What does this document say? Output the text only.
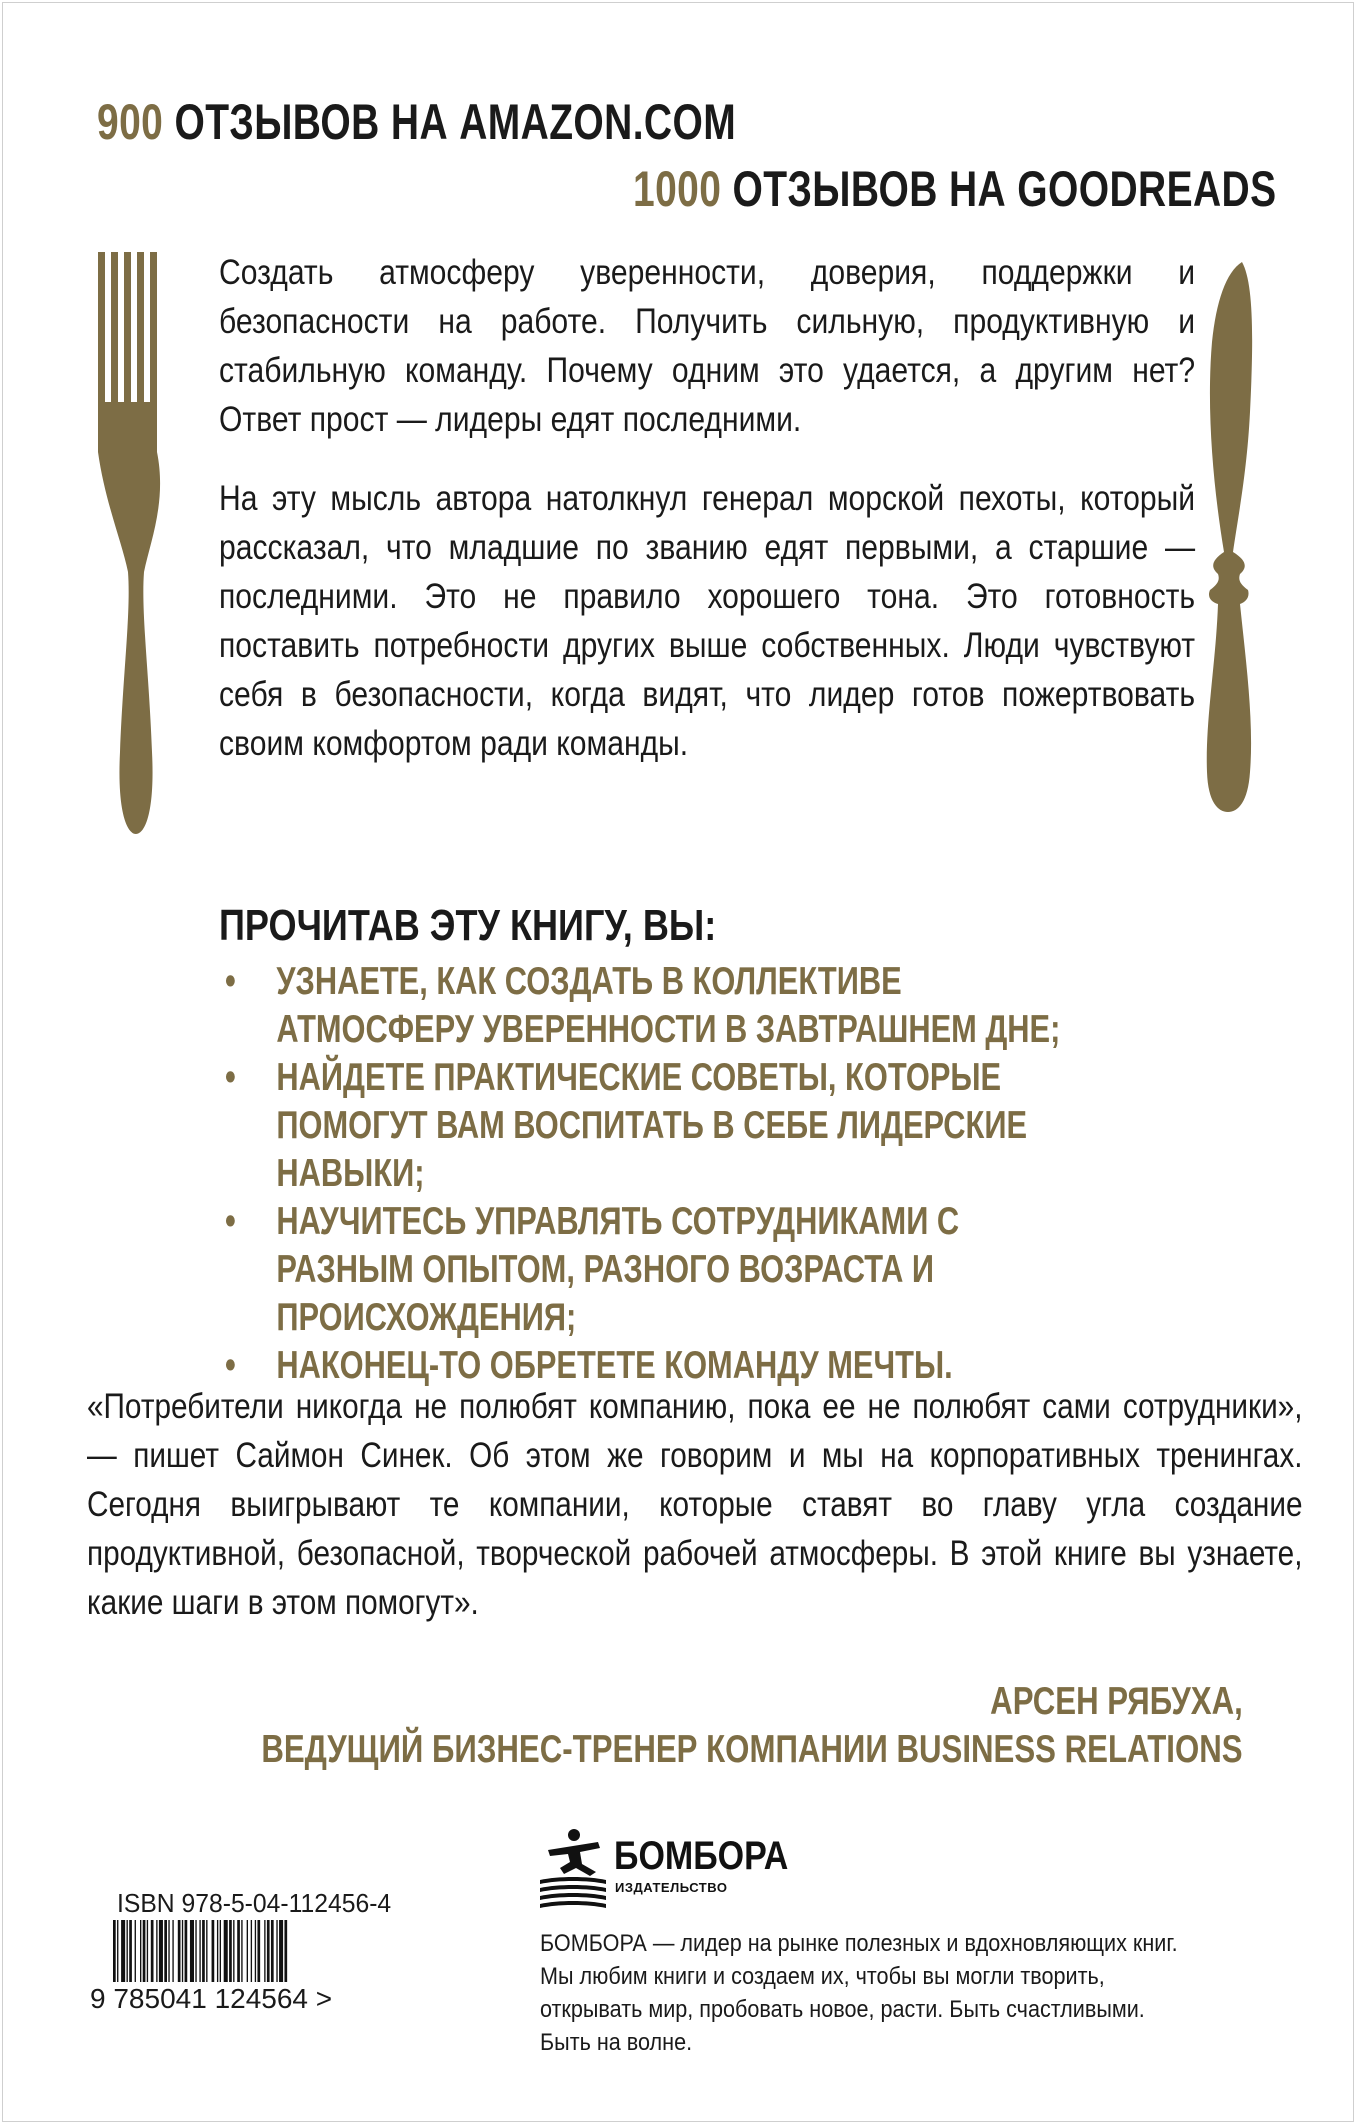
900 ОТЗЫВОВ НА AMAZON.COM
1000 ОТЗЫВОВ НА GOODREADS

Создать атмосферу уверенности, доверия, поддержки и безопасности на работе. Получить сильную, продуктивную и стабильную команду. Почему одним это удается, а другим нет? Ответ прост — лидеры едят последними.

На эту мысль автора натолкнул генерал морской пехоты, который рассказал, что младшие по званию едят первыми, а старшие — последними. Это не правило хорошего тона. Это готовность поставить потребности других выше собственных. Люди чувствуют себя в безопасности, когда видят, что лидер готов пожертвовать своим комфортом ради команды.

ПРОЧИТАВ ЭТУ КНИГУ, ВЫ:
• УЗНАЕТЕ, КАК СОЗДАТЬ В КОЛЛЕКТИВЕ АТМОСФЕРУ УВЕРЕННОСТИ В ЗАВТРАШНЕМ ДНЕ;
• НАЙДЕТЕ ПРАКТИЧЕСКИЕ СОВЕТЫ, КОТОРЫЕ ПОМОГУТ ВАМ ВОСПИТАТЬ В СЕБЕ ЛИДЕРСКИЕ НАВЫКИ;
• НАУЧИТЕСЬ УПРАВЛЯТЬ СОТРУДНИКАМИ С РАЗНЫМ ОПЫТОМ, РАЗНОГО ВОЗРАСТА И ПРОИСХОЖДЕНИЯ;
• НАКОНЕЦ-ТО ОБРЕТЕТЕ КОМАНДУ МЕЧТЫ.

«Потребители никогда не полюбят компанию, пока ее не полюбят сами сотрудники», — пишет Саймон Синек. Об этом же говорим и мы на корпоративных тренингах. Сегодня выигрывают те компании, которые ставят во главу угла создание продуктивной, безопасной, творческой рабочей атмосферы. В этой книге вы узнаете, какие шаги в этом помогут».

АРСЕН РЯБУХА,
ВЕДУЩИЙ БИЗНЕС-ТРЕНЕР КОМПАНИИ BUSINESS RELATIONS
ISBN 978-5-04-112456-4
9 785041 124564 >
БОМБОРА
ИЗДАТЕЛЬСТВО
БОМБОРА — лидер на рынке полезных и вдохновляющих книг. Мы любим книги и создаем их, чтобы вы могли творить, открывать мир, пробовать новое, расти. Быть счастливыми. Быть на волне.
